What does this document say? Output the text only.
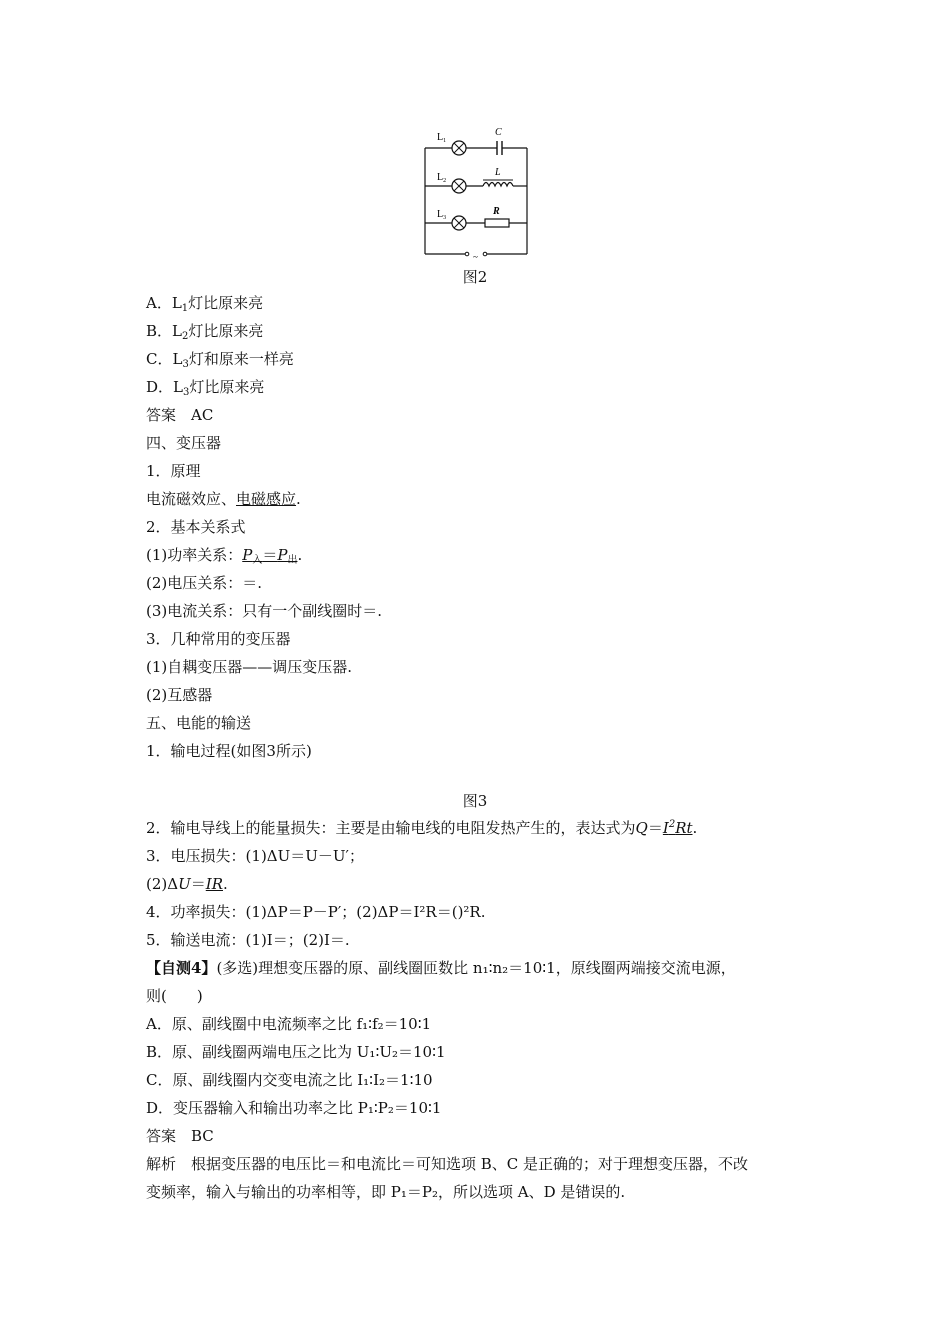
$L_1$
C
$L_2$
L
$L_3$
R
~
图2
A．$L_1$灯比原来亮
B．$L_2$灯比原来亮
C．$L_3$灯和原来一样亮
D．$L_3$灯比原来亮
答案　AC
四、变压器
1．原理
电流磁效应、电磁感应.
2．基本关系式
(1)功率关系：$P_入=P_出$.
(2)电压关系：＝.
(3)电流关系：只有一个副线圈时＝.
3．几种常用的变压器
(1)自耦变压器——调压变压器.
(2)互感器
五、电能的输送
1．输电过程(如图3所示)
图3
2．输电导线上的能量损失：主要是由输电线的电阻发热产生的，表达式为$Q=I^2Rt$.
3．电压损失：(1)ΔU＝U－U′；
(2)ΔU＝IR.
4．功率损失：(1)ΔP＝P－P′；(2)ΔP＝I²R＝()²R.
5．输送电流：(1)I＝；(2)I＝.
【自测4】(多选)理想变压器的原、副线圈匝数比 n₁∶n₂＝10∶1，原线圈两端接交流电源，
则(　　)
A．原、副线圈中电流频率之比 f₁∶f₂＝10∶1
B．原、副线圈两端电压之比为 U₁∶U₂＝10∶1
C．原、副线圈内交变电流之比 I₁∶I₂＝1∶10
D．变压器输入和输出功率之比 P₁∶P₂＝10∶1
答案　BC
解析　根据变压器的电压比＝和电流比＝可知选项 B、C 是正确的；对于理想变压器，不改
变频率，输入与输出的功率相等，即 P₁＝P₂，所以选项 A、D 是错误的.
